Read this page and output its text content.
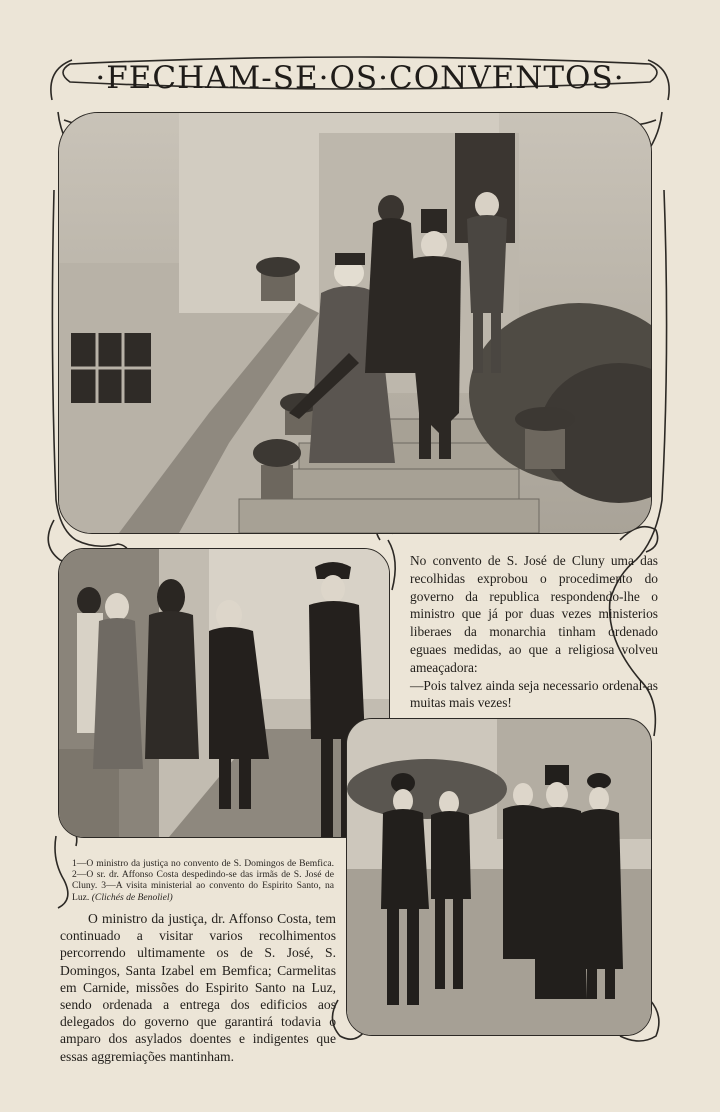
·FECHAM-SE·OS·CONVENTOS·
No convento de S. José de Cluny uma das recolhidas exprobou o procedimento do governo da republica respondendo-lhe o ministro que já por duas vezes ministerios liberaes da monarchia tinham ordenado eguaes medidas, ao que a religiosa volveu ameaçadora:
—Pois talvez ainda seja necessario ordenal-as muitas mais vezes!
1—O ministro da justiça no convento de S. Domingos de Bemfica. 2—O sr. dr. Affonso Costa despedindo-se das irmãs de S. José de Cluny. 3—A visita ministerial ao convento do Espirito Santo, na Luz. (Clichés de Benoliel)
O ministro da justiça, dr. Affonso Costa, tem continuado a visitar varios recolhimentos percorrendo ultimamente os de S. José, S. Domingos, Santa Izabel em Bemfica; Carmelitas em Carnide, missões do Espirito Santo na Luz, sendo ordenada a entrega dos edificios aos delegados do governo que garantirá todavia o amparo dos asylados doentes e indigentes que essas aggremiações mantinham.
